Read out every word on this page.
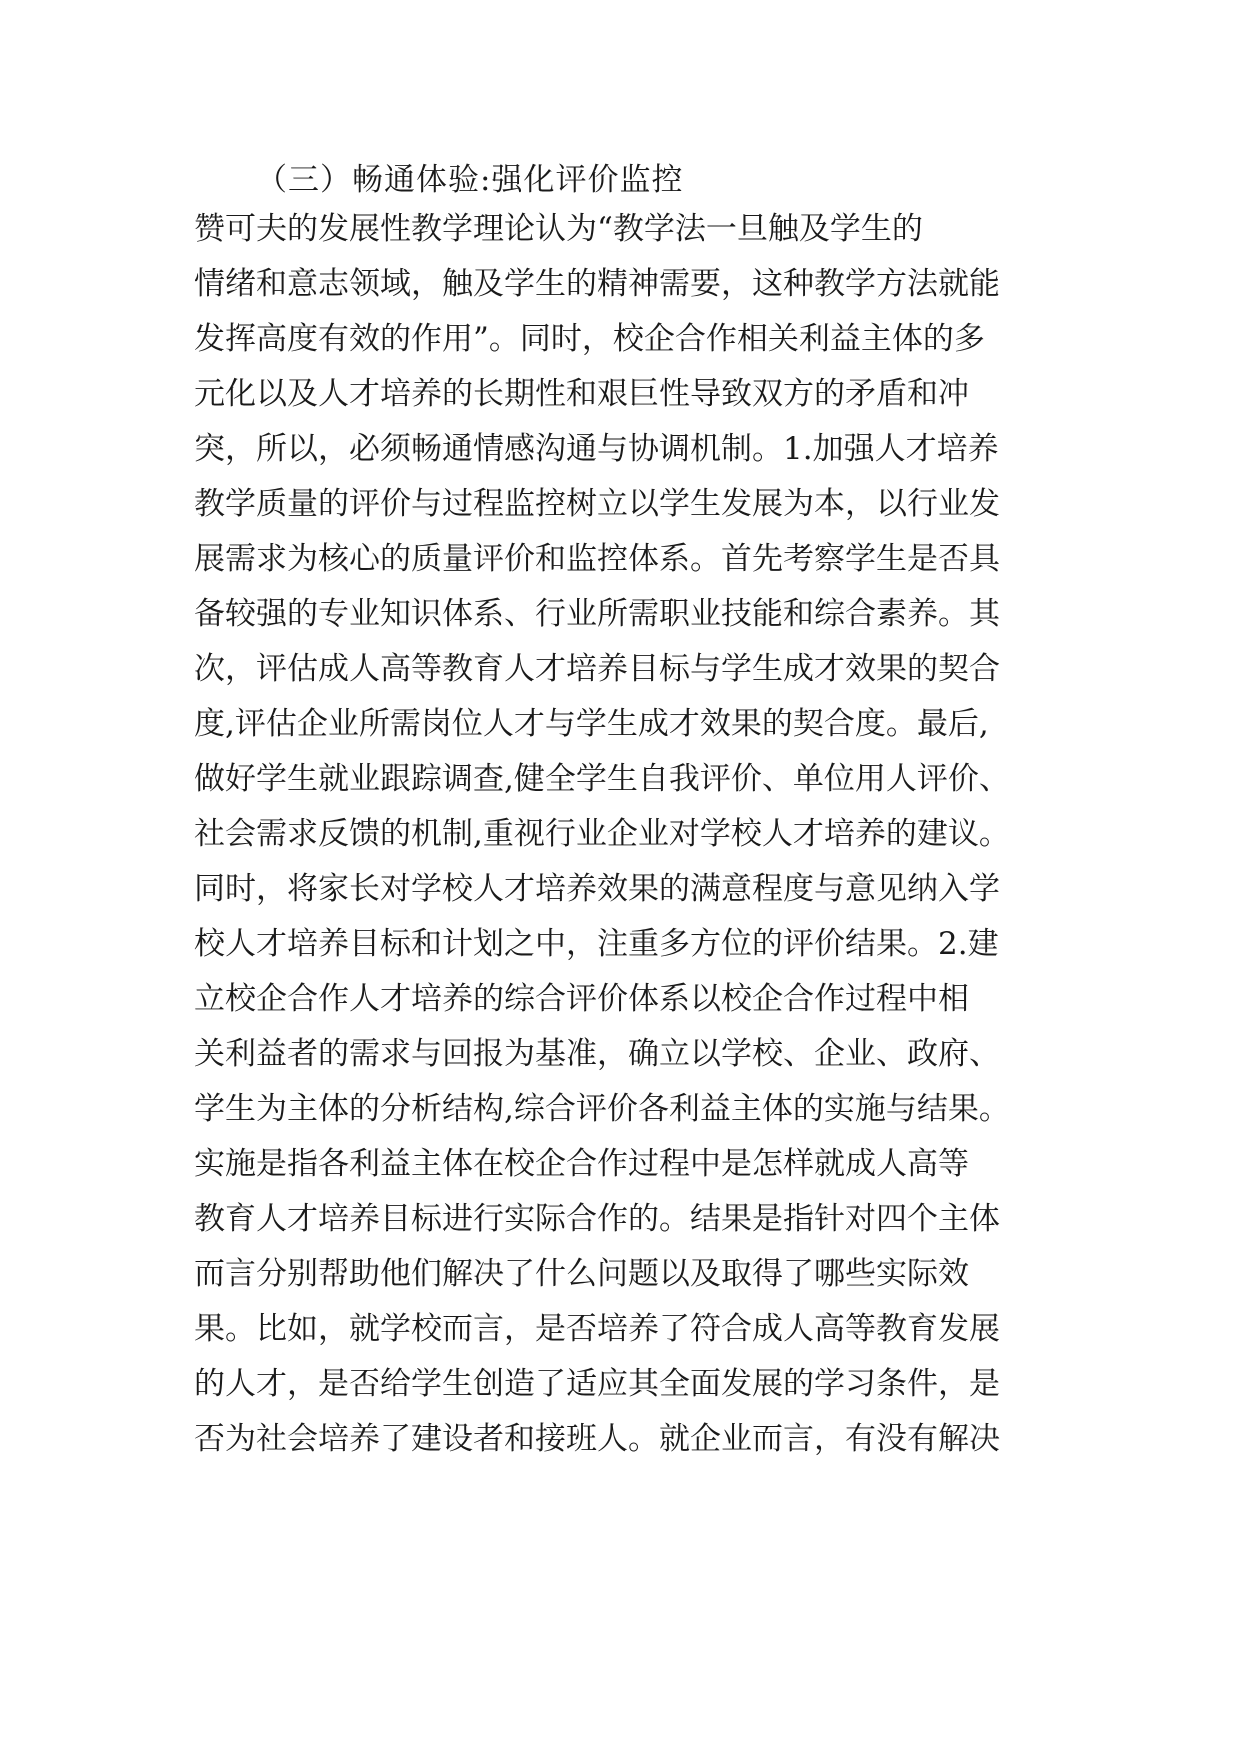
（三）畅通体验:强化评价监控
赞可夫的发展性教学理论认为“教学法一旦触及学生的
情绪和意志领域，触及学生的精神需要，这种教学方法就能
发挥高度有效的作用”。同时，校企合作相关利益主体的多
元化以及人才培养的长期性和艰巨性导致双方的矛盾和冲
突，所以，必须畅通情感沟通与协调机制。1.加强人才培养
教学质量的评价与过程监控树立以学生发展为本，以行业发
展需求为核心的质量评价和监控体系。首先考察学生是否具
备较强的专业知识体系、行业所需职业技能和综合素养。其
次，评估成人高等教育人才培养目标与学生成才效果的契合
度,评估企业所需岗位人才与学生成才效果的契合度。最后,
做好学生就业跟踪调查,健全学生自我评价、单位用人评价、
社会需求反馈的机制,重视行业企业对学校人才培养的建议。
同时，将家长对学校人才培养效果的满意程度与意见纳入学
校人才培养目标和计划之中，注重多方位的评价结果。2.建
立校企合作人才培养的综合评价体系以校企合作过程中相
关利益者的需求与回报为基准，确立以学校、企业、政府、
学生为主体的分析结构,综合评价各利益主体的实施与结果。
实施是指各利益主体在校企合作过程中是怎样就成人高等
教育人才培养目标进行实际合作的。结果是指针对四个主体
而言分别帮助他们解决了什么问题以及取得了哪些实际效
果。比如，就学校而言，是否培养了符合成人高等教育发展
的人才，是否给学生创造了适应其全面发展的学习条件，是
否为社会培养了建设者和接班人。就企业而言，有没有解决
